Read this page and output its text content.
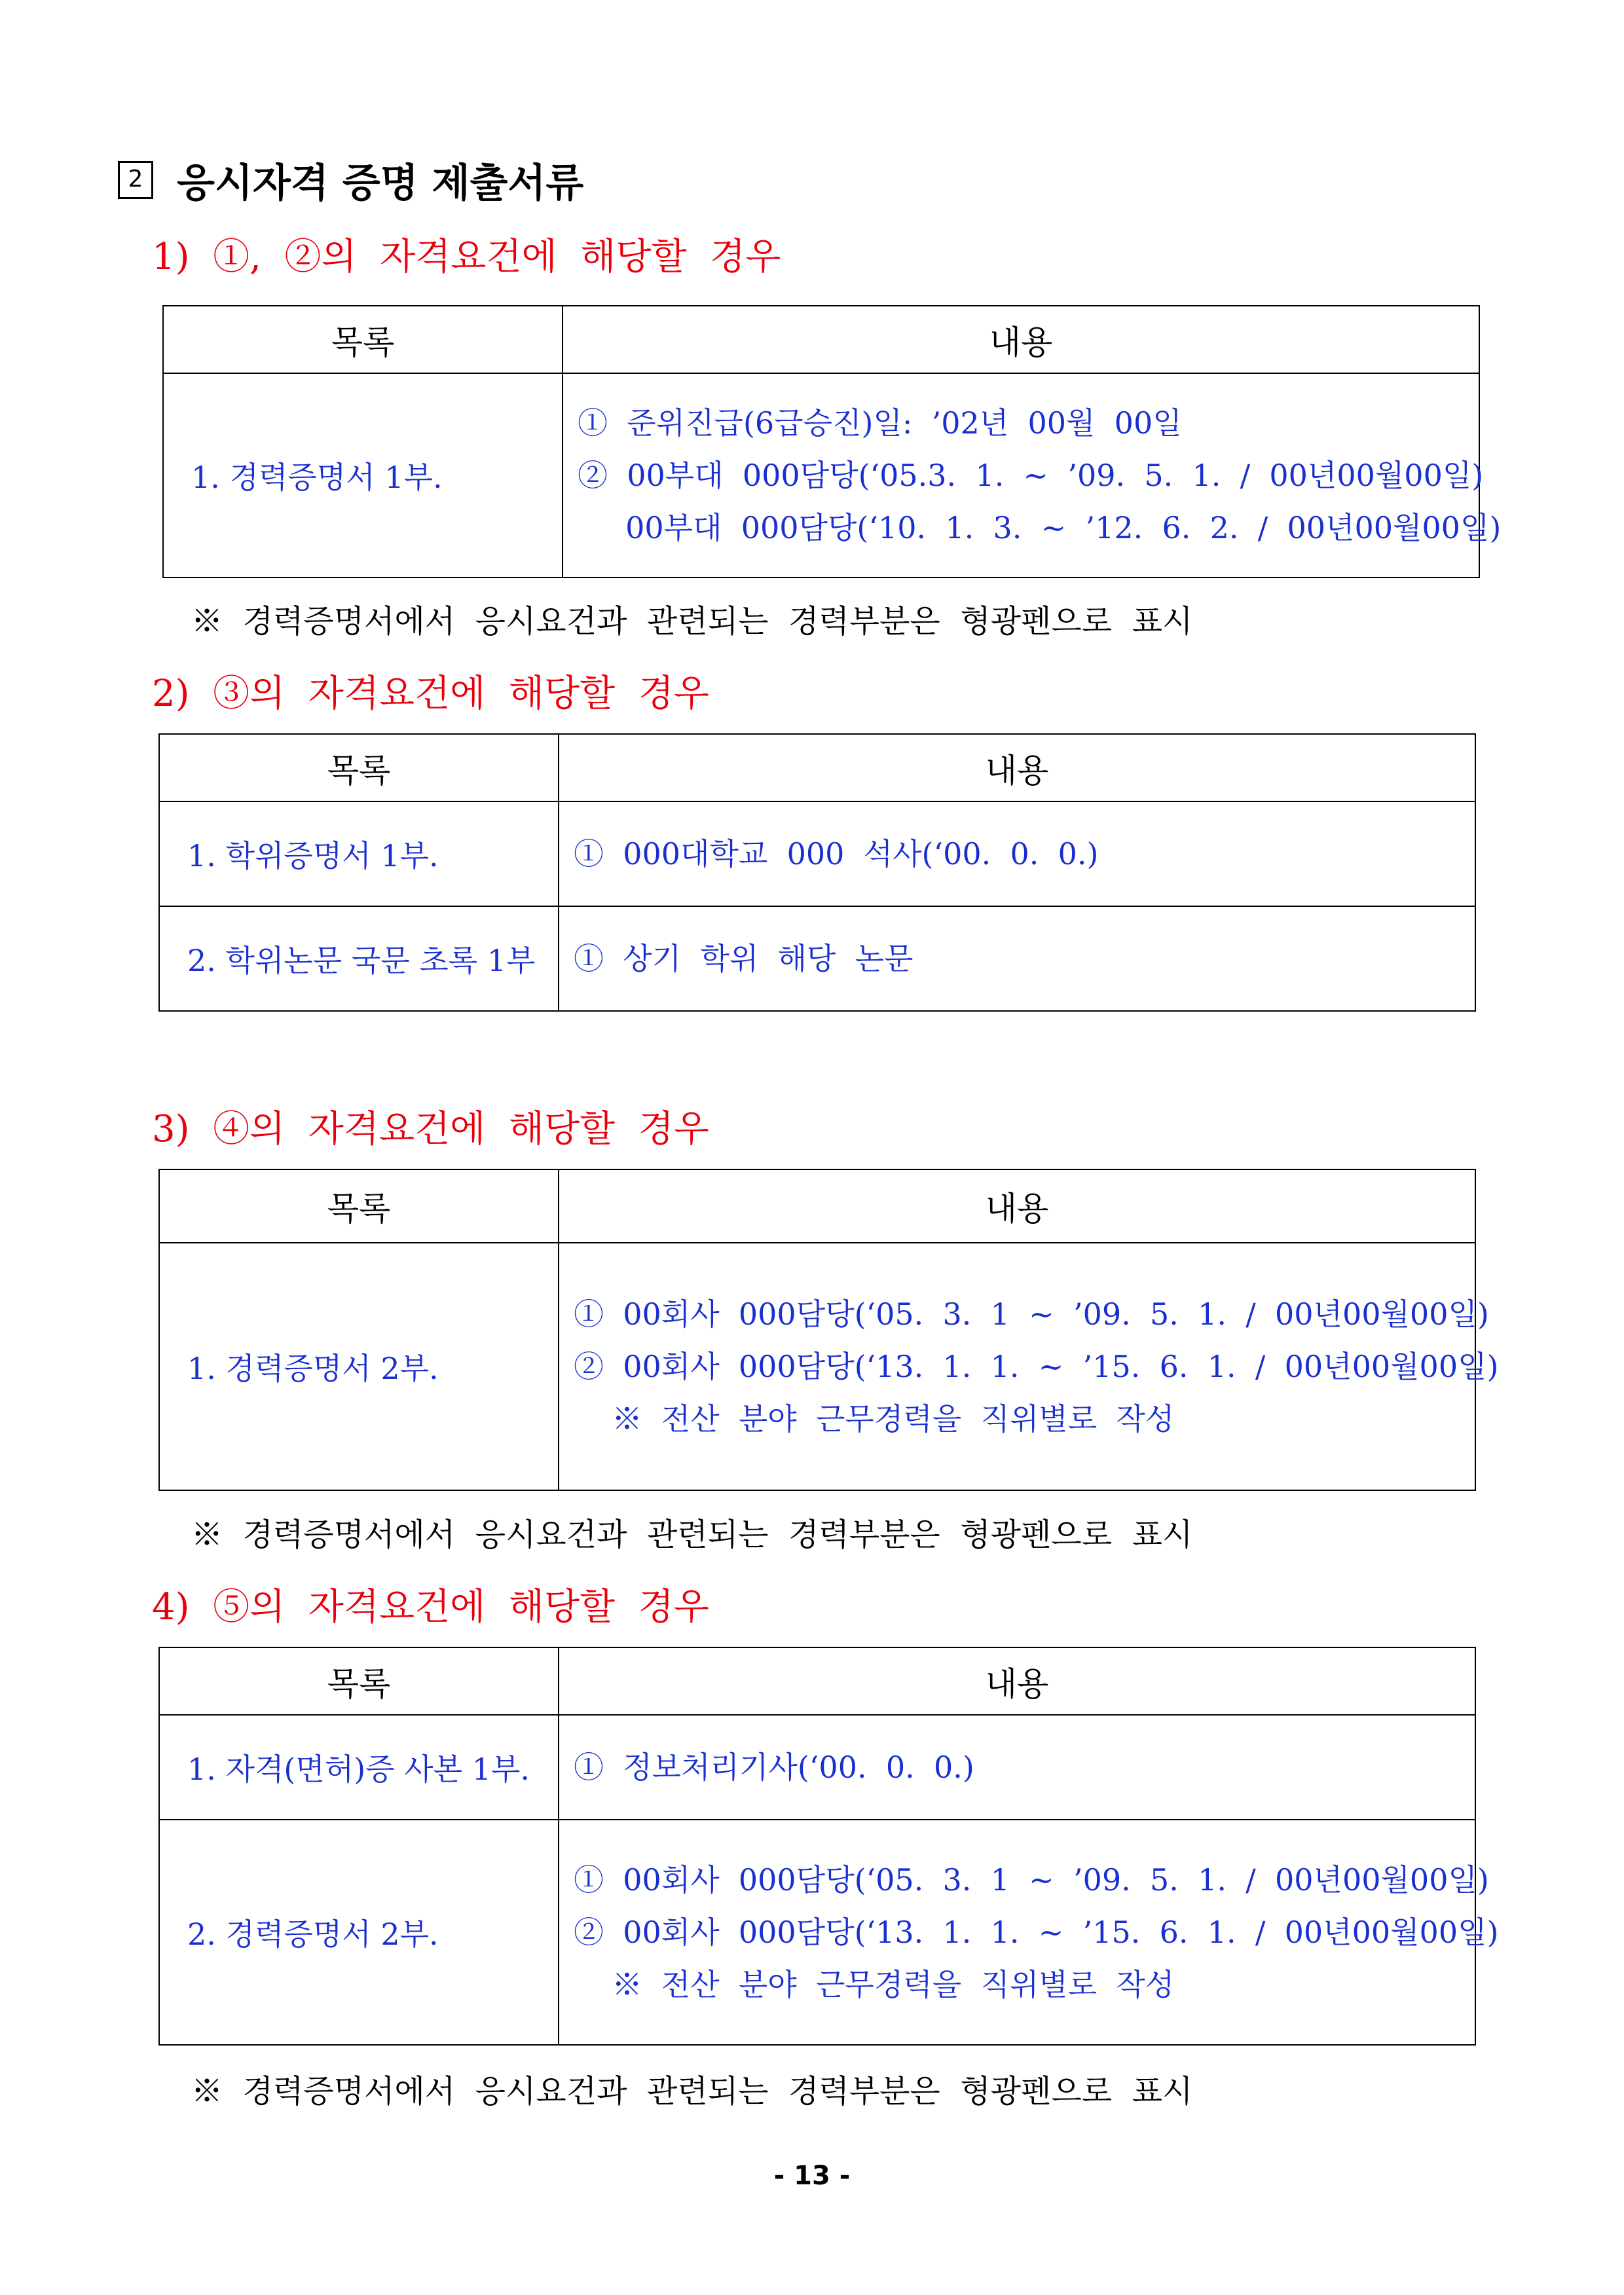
2 응시자격 증명 제출서류
1)  ①,  ②의  자격요건에  해당할  경우
목록	내용
1. 경력증명서 1부.	①  준위진급(6급승진)일:  ’02년  00월  00일
②  00부대  000담당(‘05.3.  1.  ~  ’09.  5.  1.  /  00년00월00일)
00부대  000담당(‘10.  1.  3.  ~  ’12.  6.  2.  /  00년00월00일)
※  경력증명서에서  응시요건과  관련되는  경력부분은  형광펜으로  표시
2)  ③의  자격요건에  해당할  경우
목록	내용
1. 학위증명서 1부.	①  000대학교  000  석사(‘00.  0.  0.)

2. 학위논문 국문 초록 1부	①  상기  학위  해당  논문
3)  ④의  자격요건에  해당할  경우
목록	내용
1. 경력증명서 2부.	①  00회사  000담당(‘05.  3.  1  ~  ’09.  5.  1.  /  00년00월00일)
②  00회사  000담당(‘13.  1.  1.  ~  ’15.  6.  1.  /  00년00월00일)
※  전산  분야  근무경력을  직위별로  작성
※  경력증명서에서  응시요건과  관련되는  경력부분은  형광펜으로  표시
4)  ⑤의  자격요건에  해당할  경우
목록	내용
1. 자격(면허)증 사본 1부.	①  정보처리기사(‘00.  0.  0.)

2. 경력증명서 2부.	①  00회사  000담당(‘05.  3.  1  ~  ’09.  5.  1.  /  00년00월00일)
②  00회사  000담당(‘13.  1.  1.  ~  ’15.  6.  1.  /  00년00월00일)
※  전산  분야  근무경력을  직위별로  작성
※  경력증명서에서  응시요건과  관련되는  경력부분은  형광펜으로  표시
- 13 -
